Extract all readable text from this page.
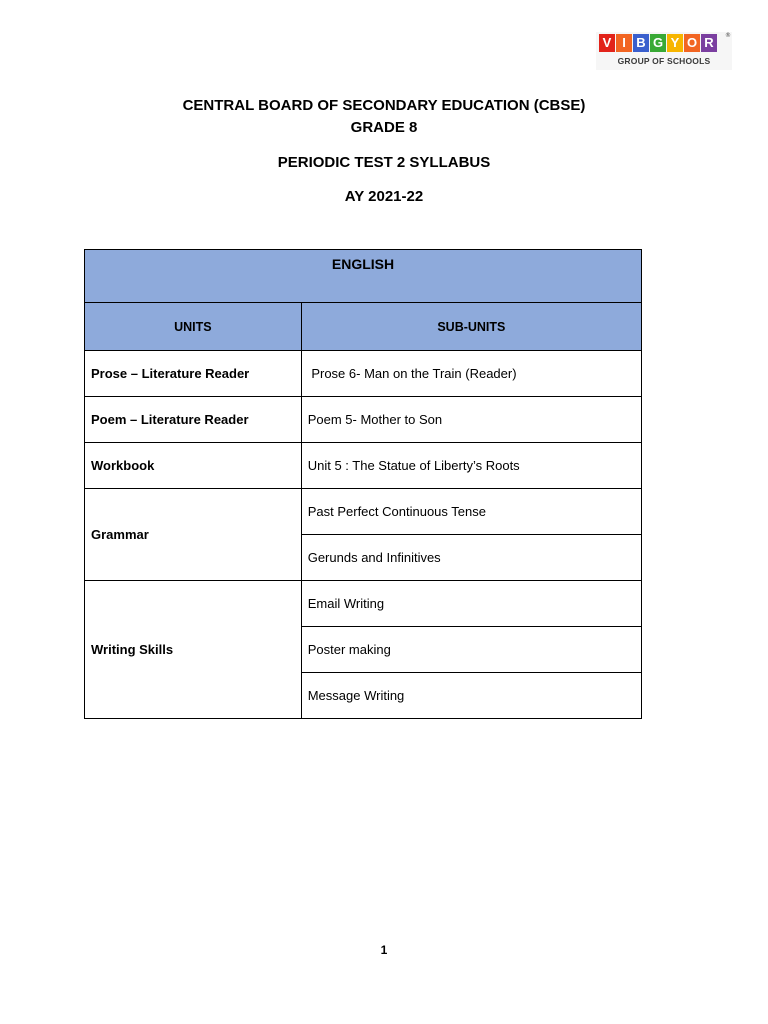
V I B G Y O R	®
GROUP OF SCHOOLS
CENTRAL BOARD OF SECONDARY EDUCATION (CBSE)
GRADE 8
PERIODIC TEST 2 SYLLABUS
AY 2021-22
ENGLISH	
UNITS	SUB-UNITS
Prose – Literature Reader	Prose 6- Man on the Train (Reader)
Poem – Literature Reader	Poem 5- Mother to Son
Workbook	Unit 5 : The Statue of Liberty’s Roots
Grammar	Past Perfect Continuous Tense
	Gerunds and Infinitives
Writing Skills	Email Writing
	Poster making
	Message Writing
1
